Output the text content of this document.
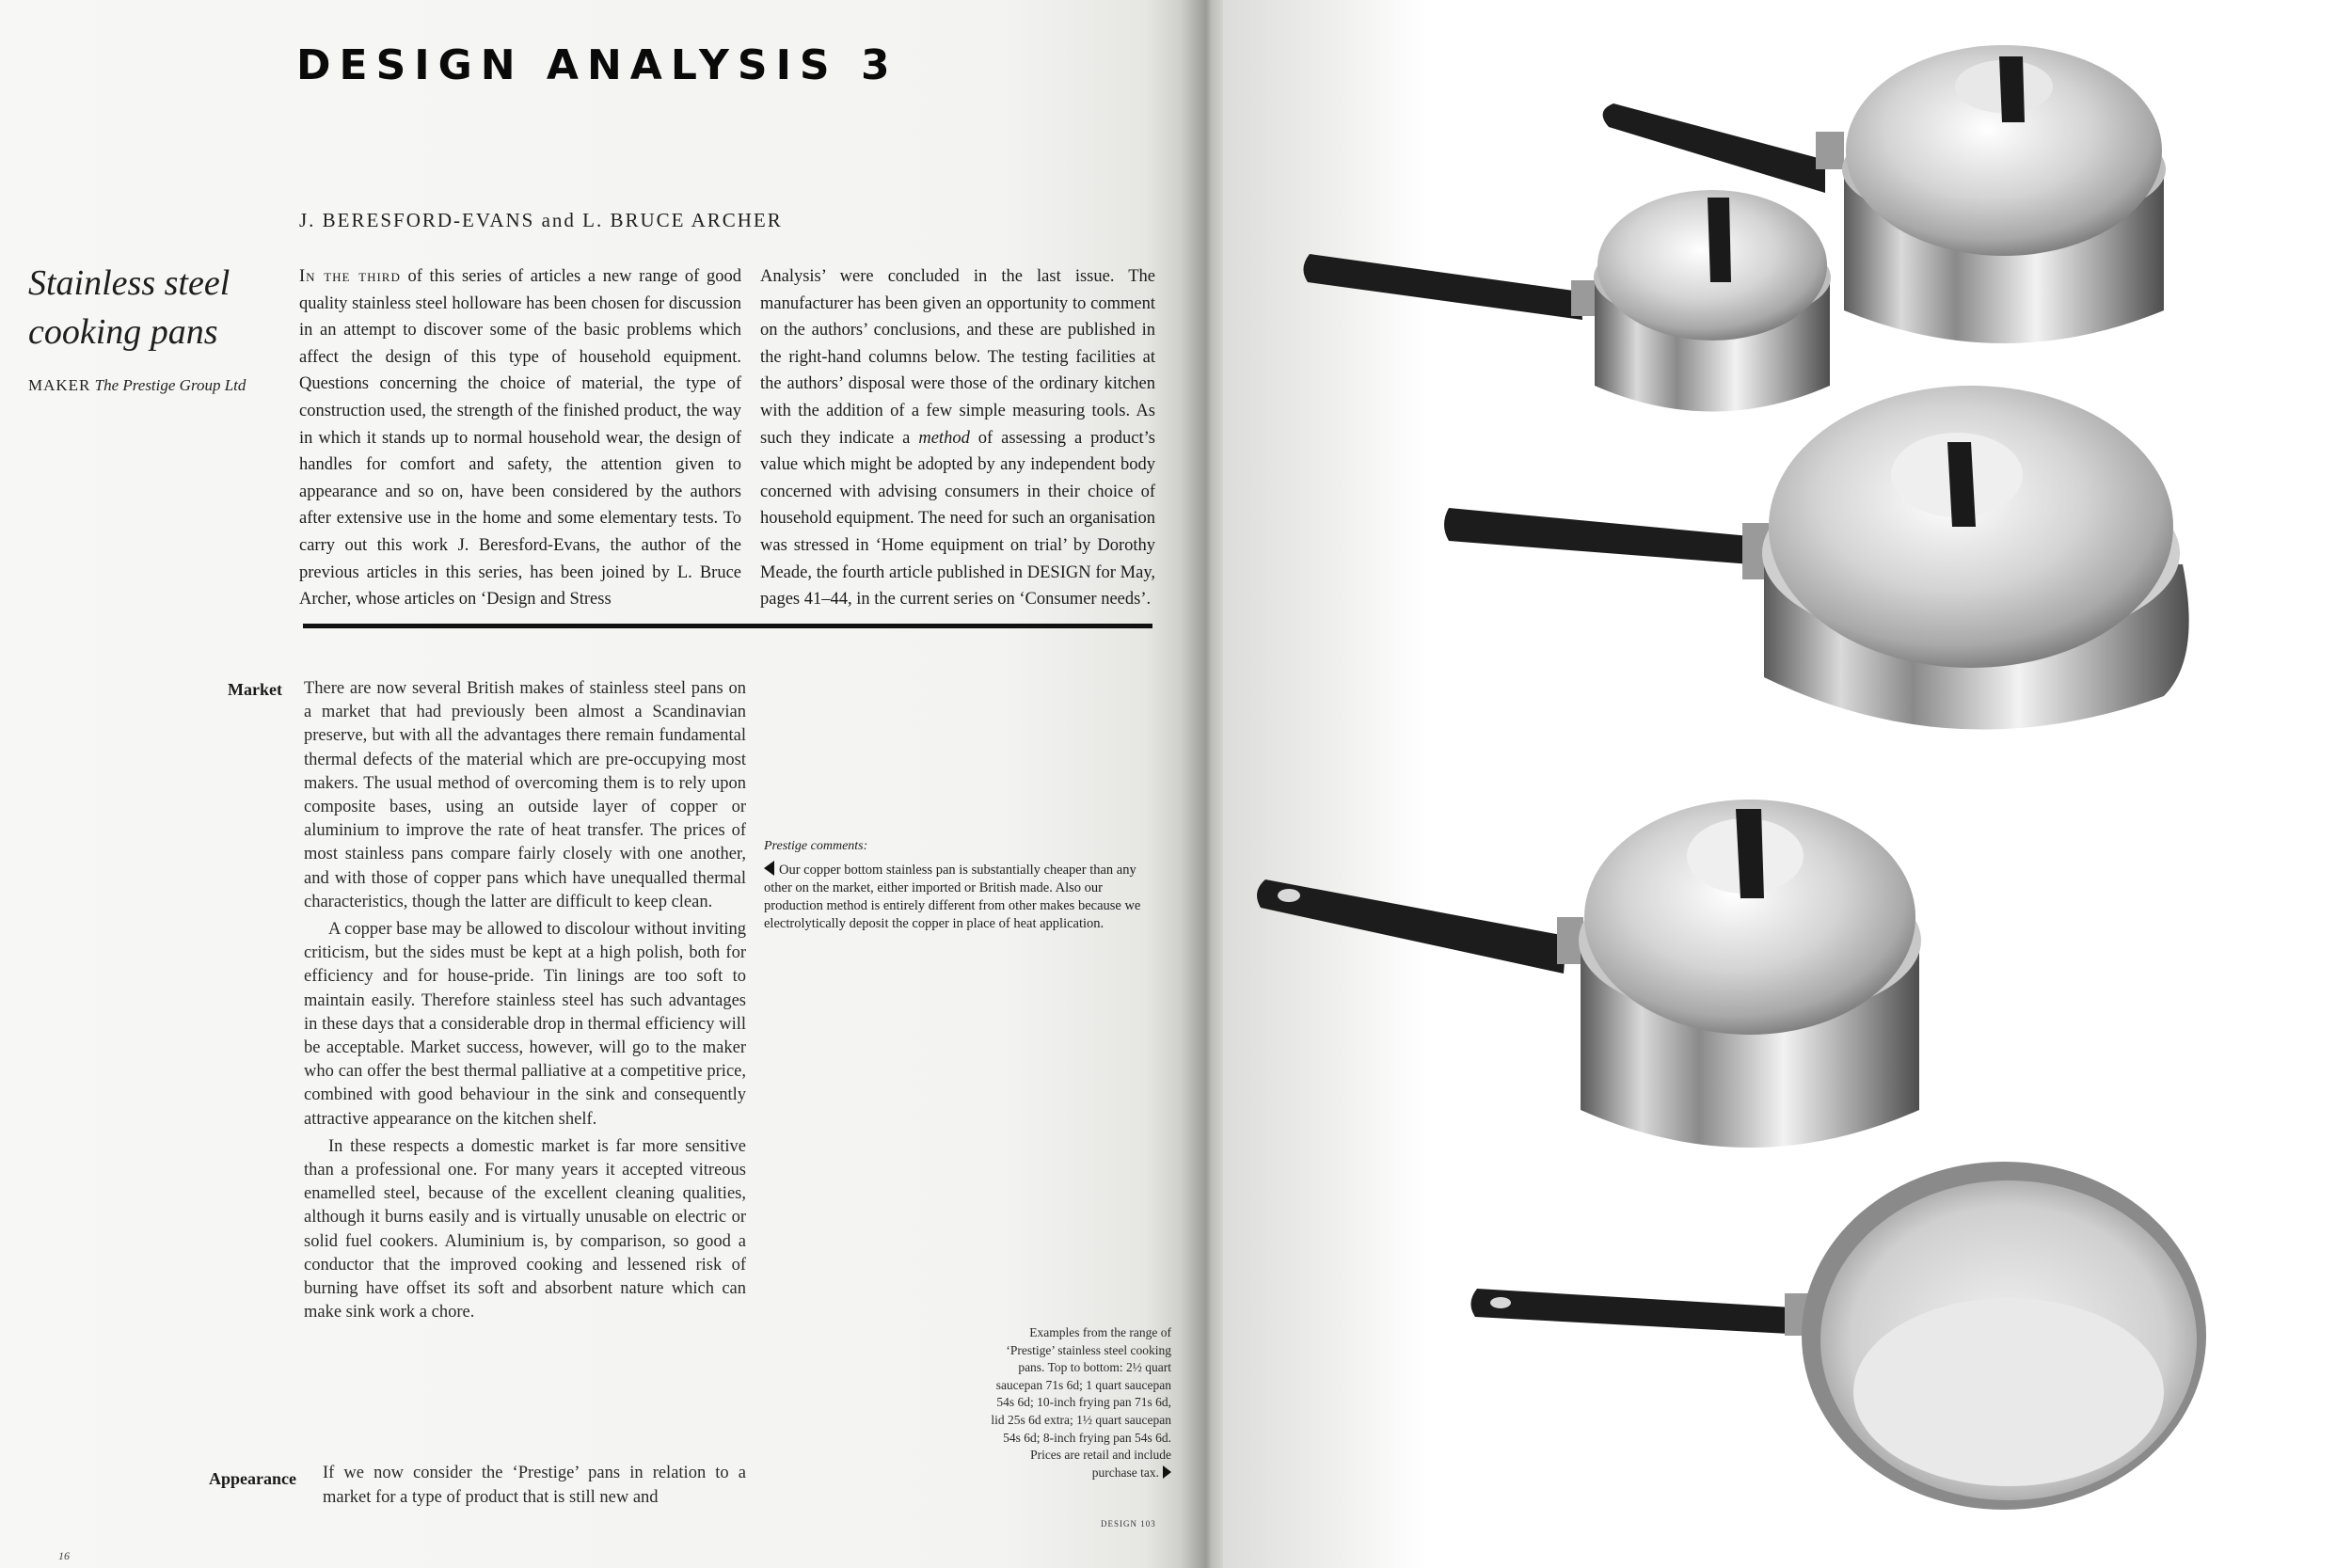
DESIGN ANALYSIS 3
J. BERESFORD-EVANS and L. BRUCE ARCHER
Stainless steel
cooking pans
MAKER The Prestige Group Ltd
In the third of this series of articles a new range of good quality stainless steel holloware has been chosen for discussion in an attempt to discover some of the basic problems which affect the design of this type of household equipment. Questions concerning the choice of material, the type of construction used, the strength of the finished product, the way in which it stands up to normal household wear, the design of handles for comfort and safety, the attention given to appearance and so on, have been considered by the authors after extensive use in the home and some elementary tests. To carry out this work J. Beresford-Evans, the author of the previous articles in this series, has been joined by L. Bruce Archer, whose articles on ‘Design and Stress
Analysis’ were concluded in the last issue. The manufacturer has been given an opportunity to comment on the authors’ conclusions, and these are published in the right-hand columns below. The testing facilities at the authors’ disposal were those of the ordinary kitchen with the addition of a few simple measuring tools. As such they indicate a method of assessing a product’s value which might be adopted by any independent body concerned with advising consumers in their choice of household equipment. The need for such an organisation was stressed in ‘Home equipment on trial’ by Dorothy Meade, the fourth article published in DESIGN for May, pages 41–44, in the current series on ‘Consumer needs’.
Market There are now several British makes of stainless steel pans on a market that had previously been almost a Scandinavian preserve, but with all the advantages there remain fundamental thermal defects of the material which are pre-occupying most makers. The usual method of overcoming them is to rely upon composite bases, using an outside layer of copper or aluminium to improve the rate of heat transfer. The prices of most stainless pans compare fairly closely with one another, and with those of copper pans which have unequalled thermal characteristics, though the latter are difficult to keep clean.

A copper base may be allowed to discolour without inviting criticism, but the sides must be kept at a high polish, both for efficiency and for house-pride. Tin linings are too soft to maintain easily. Therefore stainless steel has such advantages in these days that a considerable drop in thermal efficiency will be acceptable. Market success, however, will go to the maker who can offer the best thermal palliative at a competitive price, combined with good behaviour in the sink and consequently attractive appearance on the kitchen shelf.

In these respects a domestic market is far more sensitive than a professional one. For many years it accepted vitreous enamelled steel, because of the excellent cleaning qualities, although it burns easily and is virtually unusable on electric or solid fuel cookers. Aluminium is, by comparison, so good a conductor that the improved cooking and lessened risk of burning have offset its soft and absorbent nature which can make sink work a chore.

Appearance If we now consider the ‘Prestige’ pans in relation to a market for a type of product that is still new and
Prestige comments:
Our copper bottom stainless pan is substantially cheaper than any other on the market, either imported or British made. Also our production method is entirely different from other makes because we electrolytically deposit the copper in place of heat application.
Examples from the range of ‘Prestige’ stainless steel cooking pans. Top to bottom: 2½ quart saucepan 71s 6d; 1 quart saucepan 54s 6d; 10-inch frying pan 71s 6d, lid 25s 6d extra; 1½ quart saucepan 54s 6d; 8-inch frying pan 54s 6d. Prices are retail and include purchase tax.
DESIGN 103
16
